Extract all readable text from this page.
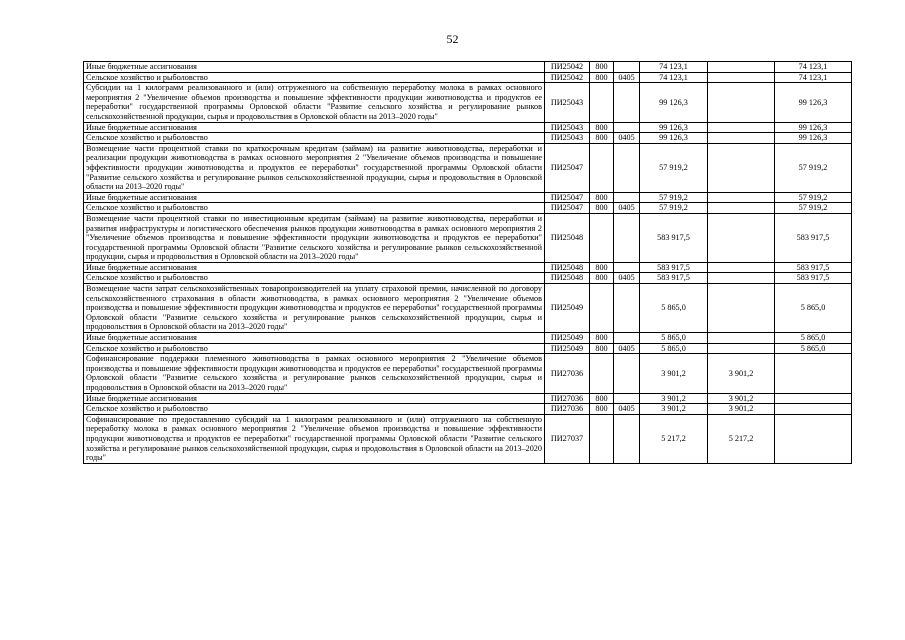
52
Иные бюджетные ассигнования	ПИ25042	800		74 123,1		74 123,1
Сельское хозяйство и рыболовство	ПИ25042	800	0405	74 123,1		74 123,1
Субсидии на 1 килограмм реализованного и (или) отгруженного на собственную переработку молока в рамках основного мероприятия 2 "Увеличение объемов производства и повышение эффективности продукции животноводства и продуктов ее переработки" государственной программы Орловской области "Развитие сельского хозяйства и регулирование рынков сельскохозяйственной продукции, сырья и продовольствия в Орловской области на 2013–2020 годы"	ПИ25043			99 126,3		99 126,3
Иные бюджетные ассигнования	ПИ25043	800		99 126,3		99 126,3
Сельское хозяйство и рыболовство	ПИ25043	800	0405	99 126,3		99 126,3
Возмещение части процентной ставки по краткосрочным кредитам (займам) на развитие животноводства, переработки и реализации продукции животноводства в рамках основного мероприятия 2 "Увеличение объемов производства и повышение эффективности продукции животноводства и продуктов ее переработки" государственной программы Орловской области "Развитие сельского хозяйства и регулирование рынков сельскохозяйственной продукции, сырья и продовольствия в Орловской области на 2013–2020 годы"	ПИ25047			57 919,2		57 919,2
Иные бюджетные ассигнования	ПИ25047	800		57 919,2		57 919,2
Сельское хозяйство и рыболовство	ПИ25047	800	0405	57 919,2		57 919,2
Возмещение части процентной ставки по инвестиционным кредитам (займам) на развитие животноводства, переработки и развития инфраструктуры и логистического обеспечения рынков продукции животноводства в рамках основного мероприятия 2 "Увеличение объемов производства и повышение эффективности продукции животноводства и продуктов ее переработки" государственной программы Орловской области "Развитие сельского хозяйства и регулирование рынков сельскохозяйственной продукции, сырья и продовольствия в Орловской области на 2013–2020 годы"	ПИ25048			583 917,5		583 917,5
Иные бюджетные ассигнования	ПИ25048	800		583 917,5		583 917,5
Сельское хозяйство и рыболовство	ПИ25048	800	0405	583 917,5		583 917,5
Возмещение части затрат сельскохозяйственных товаропроизводителей на уплату страховой премии, начисленной по договору сельскохозяйственного страхования в области животноводства, в рамках основного мероприятия 2 "Увеличение объемов производства и повышение эффективности продукции животноводства и продуктов ее переработки" государственной программы Орловской области "Развитие сельского хозяйства и регулирование рынков сельскохозяйственной продукции, сырья и продовольствия в Орловской области на 2013–2020 годы"	ПИ25049			5 865,0		5 865,0
Иные бюджетные ассигнования	ПИ25049	800		5 865,0		5 865,0
Сельское хозяйство и рыболовство	ПИ25049	800	0405	5 865,0		5 865,0
Софинансирование поддержки племенного животноводства в рамках основного мероприятия 2 "Увеличение объемов производства и повышение эффективности продукции животноводства и продуктов ее переработки" государственной программы Орловской области "Развитие сельского хозяйства и регулирование рынков сельскохозяйственной продукции, сырья и продовольствия в Орловской области на 2013–2020 годы"	ПИ27036			3 901,2	3 901,2	
Иные бюджетные ассигнования	ПИ27036	800		3 901,2	3 901,2	
Сельское хозяйство и рыболовство	ПИ27036	800	0405	3 901,2	3 901,2	
Софинансирование по предоставлению субсидий на 1 килограмм реализованного и (или) отгруженного на собственную переработку молока в рамках основного мероприятия 2 "Увеличение объемов производства и повышение эффективности продукции животноводства и продуктов ее переработки" государственной программы Орловской области "Развитие сельского хозяйства и регулирование рынков сельскохозяйственной продукции, сырья и продовольствия в Орловской области на 2013–2020 годы"	ПИ27037			5 217,2	5 217,2	
